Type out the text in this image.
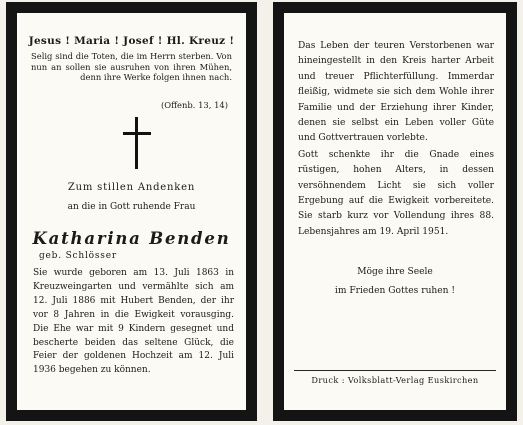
Jesus ! Maria ! Josef ! Hl. Kreuz !
Selig sind die Toten, die im Herrn sterben. Von nun an sollen sie ausruhen von ihren Mühen, denn ihre Werke folgen ihnen nach.
(Offenb. 13, 14)
Zum stillen Andenken
an die in Gott ruhende Frau
Katharina Benden
geb. Schlösser
Sie wurde geboren am 13. Juli 1863 in Kreuzweingarten und vermählte sich am 12. Juli 1886 mit Hubert Benden, der ihr vor 8 Jahren in die Ewigkeit vorausging. Die Ehe war mit 9 Kindern gesegnet und bescherte beiden das seltene Glück, die Feier der goldenen Hochzeit am 12. Juli 1936 begehen zu können.

Das Leben der teuren Verstorbenen war hineingestellt in den Kreis harter Arbeit und treuer Pflichterfüllung. Immerdar fleißig, widmete sie sich dem Wohle ihrer Familie und der Erziehung ihrer Kinder, denen sie selbst ein Leben voller Güte und Gottvertrauen vorlebte.

Gott schenkte ihr die Gnade eines rüstigen, hohen Alters, in dessen versöhnendem Licht sie sich voller Ergebung auf die Ewigkeit vorbereitete. Sie starb kurz vor Vollendung ihres 88. Lebensjahres am 19. April 1951.

Möge ihre Seele
im Frieden Gottes ruhen !
Druck : Volksblatt-Verlag Euskirchen
